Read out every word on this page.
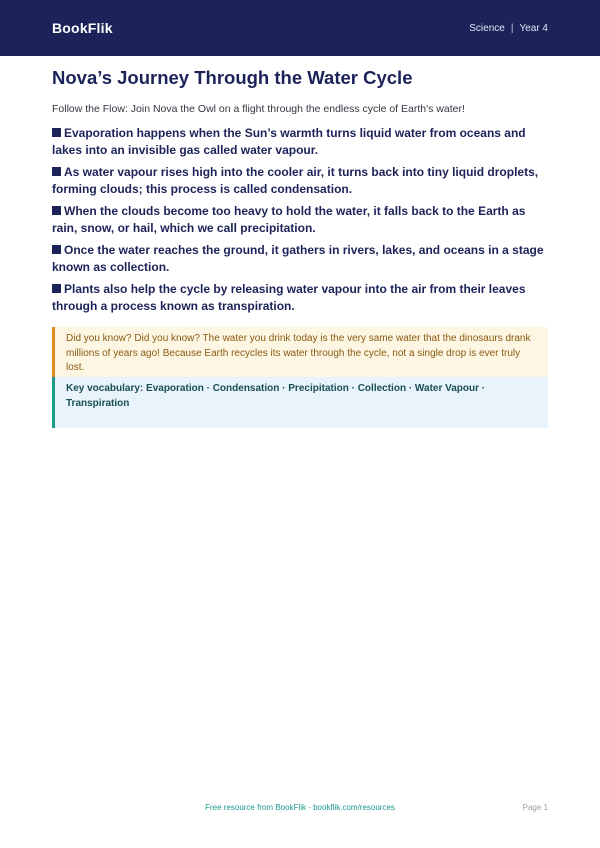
BookFlik	Science | Year 4
Nova’s Journey Through the Water Cycle

Follow the Flow: Join Nova the Owl on a flight through the endless cycle of Earth's water!

Evaporation happens when the Sun’s warmth turns liquid water from oceans and lakes into an invisible gas called water vapour.
As water vapour rises high into the cooler air, it turns back into tiny liquid droplets, forming clouds; this process is called condensation.
When the clouds become too heavy to hold the water, it falls back to the Earth as rain, snow, or hail, which we call precipitation.
Once the water reaches the ground, it gathers in rivers, lakes, and oceans in a stage known as collection.
Plants also help the cycle by releasing water vapour into the air from their leaves through a process known as transpiration.
Did you know? Did you know? The water you drink today is the very same water that the dinosaurs drank millions of years ago! Because Earth recycles its water through the cycle, not a single drop is ever truly lost.
Key vocabulary: Evaporation · Condensation · Precipitation · Collection · Water Vapour · Transpiration
Free resource from BookFlik · bookflik.com/resources	Page 1
